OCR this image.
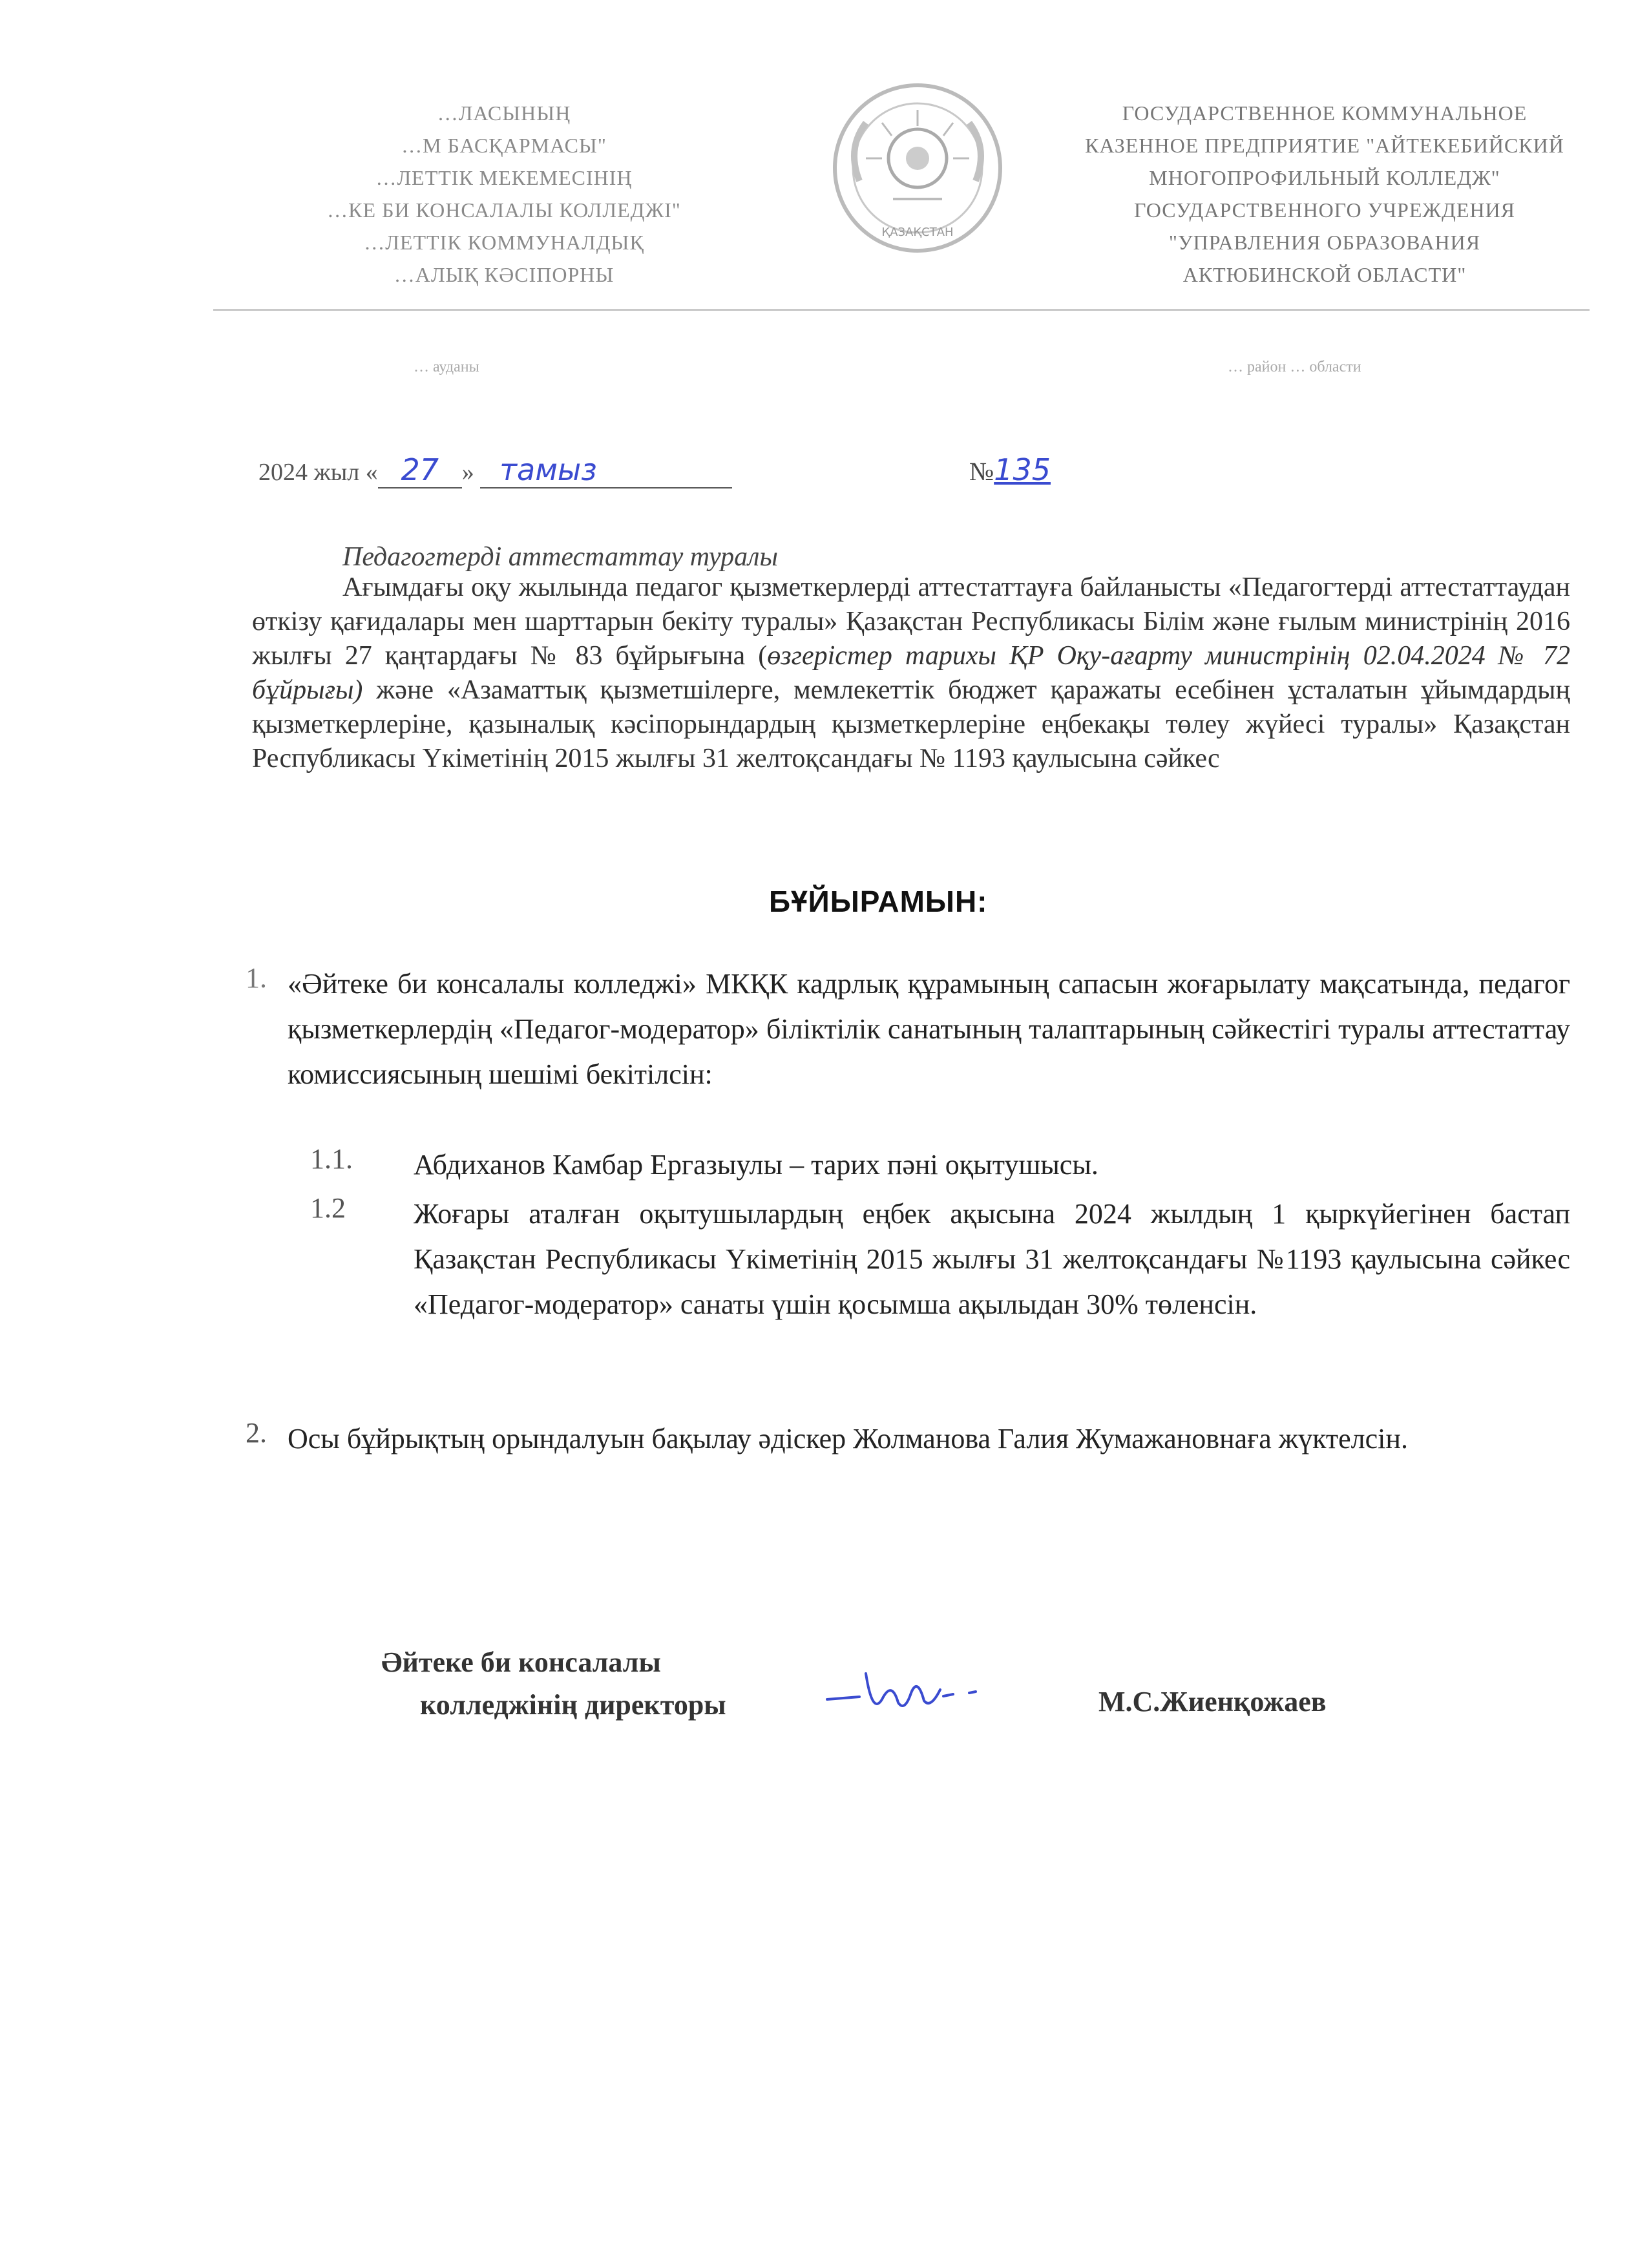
…ЛАСЫНЫҢ
…М БАСҚАРМАСЫ"
…ЛЕТТІК МЕКЕМЕСІНІҢ
…КЕ БИ КОНСАЛАЛЫ КОЛЛЕДЖІ"
…ЛЕТТІК КОММУНАЛДЫҚ
…АЛЫҚ КӘСІПОРНЫ
ҚАЗАҚСТАН
ГОСУДАРСТВЕННОЕ КОММУНАЛЬНОЕ
КАЗЕННОЕ ПРЕДПРИЯТИЕ "АЙТЕКЕБИЙСКИЙ
МНОГОПРОФИЛЬНЫЙ КОЛЛЕДЖ"
ГОСУДАРСТВЕННОГО УЧРЕЖДЕНИЯ
"УПРАВЛЕНИЯ ОБРАЗОВАНИЯ
АКТЮБИНСКОЙ ОБЛАСТИ"
… ауданы	… район … области
2024 жыл « 27 » тамыз	№135
Педагогтерді аттестаттау туралы
Ағымдағы оқу жылында педагог қызметкерлерді аттестаттауға байланысты «Педагогтерді аттестаттаудан өткізу қағидалары мен шарттарын бекіту туралы» Қазақстан Республикасы Білім және ғылым министрінің 2016 жылғы 27 қаңтардағы № 83 бұйрығына (өзгерістер тарихы ҚР Оқу-ағарту министрінің 02.04.2024 № 72 бұйрығы) және «Азаматтық қызметшілерге, мемлекеттік бюджет қаражаты есебінен ұсталатын ұйымдардың қызметкерлеріне, қазыналық кәсіпорындардың қызметкерлеріне еңбекақы төлеу жүйесі туралы» Қазақстан Республикасы Үкіметінің 2015 жылғы 31 желтоқсандағы № 1193 қаулысына сәйкес
БҰЙЫРАМЫН:
1. «Әйтеке би консалалы колледжі» МКҚК кадрлық құрамының сапасын жоғарылату мақсатында, педагог қызметкерлердің «Педагог-модератор» біліктілік санатының талаптарының сәйкестігі туралы аттестаттау комиссиясының шешімі бекітілсін:
1.1. Абдиханов Камбар Ергазыулы – тарих пәні оқытушысы.
1.2 Жоғары аталған оқытушылардың еңбек ақысына 2024 жылдың 1 қыркүйегінен бастап Қазақстан Республикасы Үкіметінің 2015 жылғы 31 желтоқсандағы №1193 қаулысына сәйкес «Педагог-модератор» санаты үшін қосымша ақылыдан 30% төленсін.
2. Осы бұйрықтың орындалуын бақылау әдіскер Жолманова Галия Жумажановнаға жүктелсін.
Әйтеке би консалалы
колледжінің директоры	М.С.Жиенқожаев
